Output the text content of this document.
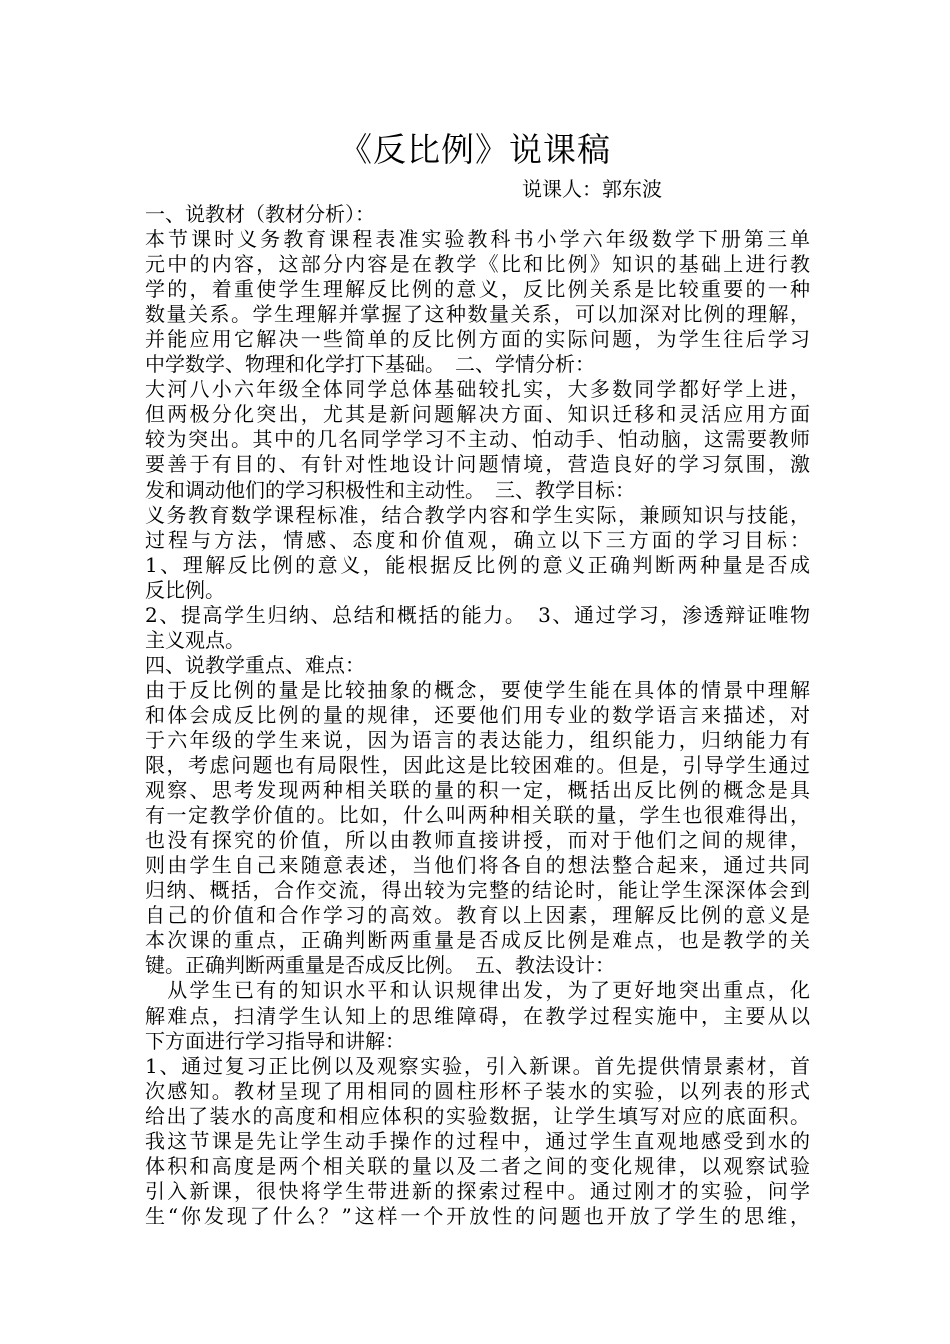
《反比例》说课稿
说课人：郭东波
一、说教材（教材分析）：
本节课时义务教育课程表准实验教科书小学六年级数学下册第三单
元中的内容，这部分内容是在教学《比和比例》知识的基础上进行教
学的，着重使学生理解反比例的意义，反比例关系是比较重要的一种
数量关系。学生理解并掌握了这种数量关系，可以加深对比例的理解，
并能应用它解决一些简单的反比例方面的实际问题，为学生往后学习
中学数学、物理和化学打下基础。　二、学情分析：
大河八小六年级全体同学总体基础较扎实，大多数同学都好学上进，
但两极分化突出，尤其是新问题解决方面、知识迁移和灵活应用方面
较为突出。其中的几名同学学习不主动、怕动手、怕动脑，这需要教师
要善于有目的、有针对性地设计问题情境，营造良好的学习氛围，激
发和调动他们的学习积极性和主动性。　三、教学目标：
义务教育数学课程标准，结合教学内容和学生实际，兼顾知识与技能，
过程与方法，情感、态度和价值观，确立以下三方面的学习目标：
1、理解反比例的意义，能根据反比例的意义正确判断两种量是否成
反比例。
2、提高学生归纳、总结和概括的能力。　3、通过学习，渗透辩证唯物
主义观点。
四、说教学重点、难点：
由于反比例的量是比较抽象的概念，要使学生能在具体的情景中理解
和体会成反比例的量的规律，还要他们用专业的数学语言来描述，对
于六年级的学生来说，因为语言的表达能力，组织能力，归纳能力有
限，考虑问题也有局限性，因此这是比较困难的。但是，引导学生通过
观察、思考发现两种相关联的量的积一定，概括出反比例的概念是具
有一定教学价值的。比如，什么叫两种相关联的量，学生也很难得出，
也没有探究的价值，所以由教师直接讲授，而对于他们之间的规律，
则由学生自己来随意表述，当他们将各自的想法整合起来，通过共同
归纳、概括，合作交流，得出较为完整的结论时，能让学生深深体会到
自己的价值和合作学习的高效。教育以上因素，理解反比例的意义是
本次课的重点，正确判断两重量是否成反比例是难点，也是教学的关
键。正确判断两重量是否成反比例。　五、教法设计：
　从学生已有的知识水平和认识规律出发，为了更好地突出重点，化
解难点，扫清学生认知上的思维障碍，在教学过程实施中，主要从以
下方面进行学习指导和讲解：
1、通过复习正比例以及观察实验，引入新课。首先提供情景素材，首
次感知。教材呈现了用相同的圆柱形杯子装水的实验，以列表的形式
给出了装水的高度和相应体积的实验数据，让学生填写对应的底面积。
我这节课是先让学生动手操作的过程中，通过学生直观地感受到水的
体积和高度是两个相关联的量以及二者之间的变化规律，以观察试验
引入新课，很快将学生带进新的探索过程中。通过刚才的实验，问学
生“你发现了什么？”这样一个开放性的问题也开放了学生的思维，
